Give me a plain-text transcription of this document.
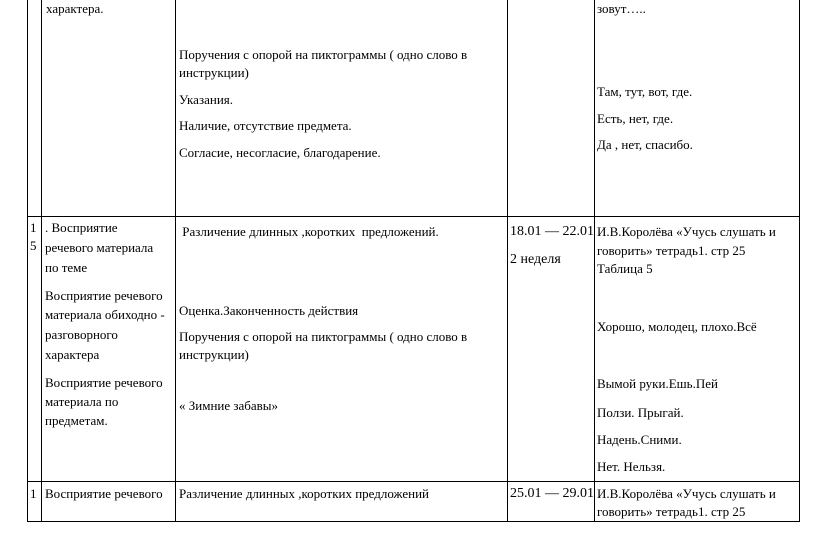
характера.
Поручения с опорой на пиктограммы ( одно слово в
инструкции)
Указания.
Наличие, отсутствие предмета.
Согласие, несогласие, благодарение.
зовут…..
Там, тут, вот, где.
Есть, нет, где.
Да , нет, спасибо.
1
5
. Восприятие
речевого материала
по теме
Восприятие речевого
материала обиходно -
разговорного
характера
Восприятие речевого
материала по
предметам.
Различение длинных ,коротких  предложений.
Оценка.Законченность действия
Поручения с опорой на пиктограммы ( одно слово в
инструкции)
« Зимние забавы»
18.01 — 22.01
2 неделя
И.В.Королёва «Учусь слушать и
говорить» тетрадь1. стр 25
Таблица 5
Хорошо, молодец, плохо.Всё
Вымой руки.Ешь.Пей
Ползи. Прыгай.
Надень.Сними.
Нет. Нельзя.
1 Восприятие речевого Различение длинных ,коротких предложений	25.01 — 29.01 И.В.Королёва «Учусь слушать и
говорить» тетрадь1. стр 25
